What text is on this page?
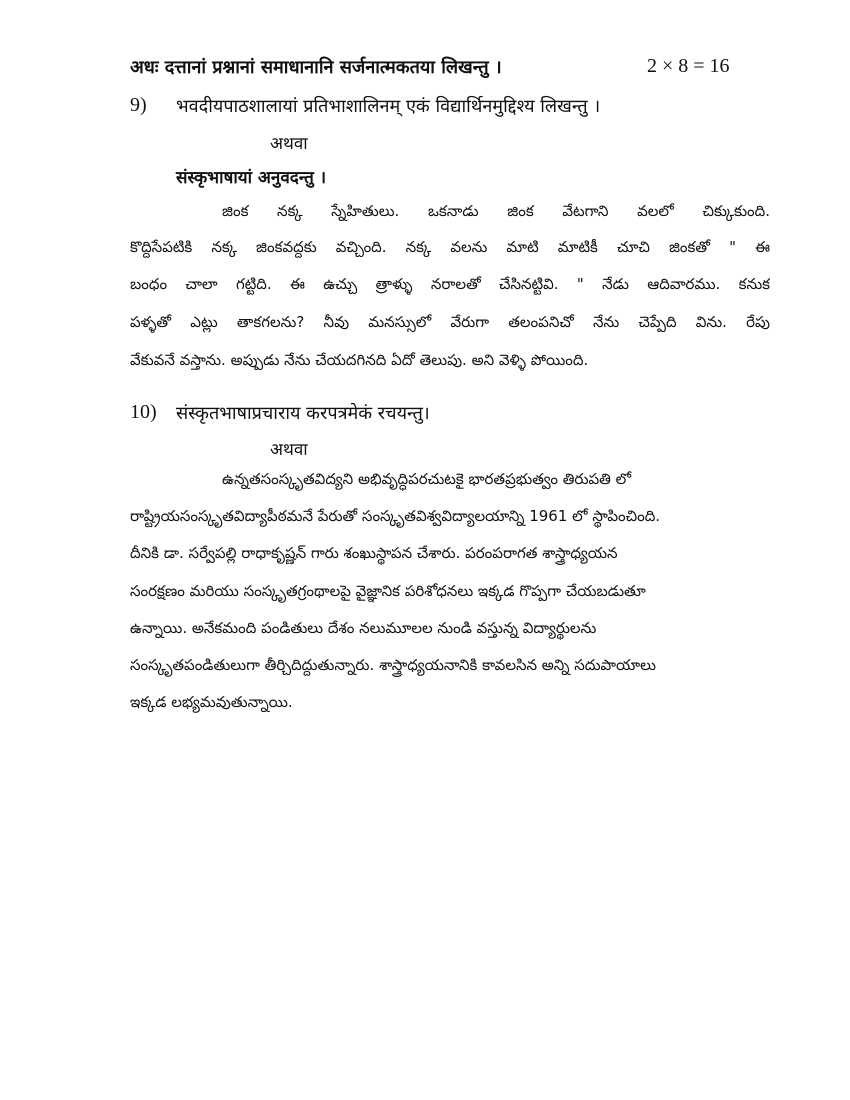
अधः दत्तानां प्रश्नानां समाधानानि सर्जनात्मकतया लिखन्तु ।	2 × 8 = 16
9) भवदीयपाठशालायां प्रतिभाशालिनम् एकं विद्यार्थिनमुद्दिश्य लिखन्तु ।
अथवा
संस्कृभाषायां अनुवदन्तु ।
జింక నక్క స్నేహితులు. ఒకనాడు జింక వేటగాని వలలో చిక్కుకుంది.
కొద్దిసేపటికి నక్క జింకవద్దకు వచ్చింది. నక్క వలను మాటి మాటికీ చూచి జింకతో " ఈ
బంధం చాలా గట్టిది. ఈ ఉచ్చు త్రాళ్ళు నరాలతో చేసినట్టివి. " నేడు ఆదివారము. కనుక
పళ్ళతో ఎట్లు తాకగలను? నీవు మనస్సులో వేరుగా తలంపనిచో నేను చెప్పేది విను. రేపు
వేకువనే వస్తాను. అప్పుడు నేను చేయదగినది ఏదో తెలుపు. అని వెళ్ళి పోయింది.
10) संस्कृतभाषाप्रचाराय करपत्रमेकं रचयन्तु।
अथवा
ఉన్నతసంస్కృతవిద్యని అభివృద్ధిపరచుటకై భారతప్రభుత్వం తిరుపతి లో
రాష్ట్రియసంస్కృతవిద్యాపీఠమనే పేరుతో సంస్కృతవిశ్వవిద్యాలయాన్ని 1961 లో స్థాపించింది.
దీనికి డా. సర్వేపల్లి రాధాకృష్ణన్ గారు శంఖుస్థాపన చేశారు. పరంపరాగత శాస్త్రాధ్యయన
సంరక్షణం మరియు సంస్కృతగ్రంథాలపై వైజ్ఞానిక పరిశోధనలు ఇక్కడ గొప్పగా చేయబడుతూ
ఉన్నాయి. అనేకమంది పండితులు దేశం నలుమూలల నుండి వస్తున్న విద్యార్థులను
సంస్కృతపండితులుగా తీర్చిదిద్దుతున్నారు. శాస్త్రాధ్యయనానికి కావలసిన అన్ని సదుపాయాలు
ఇక్కడ లభ్యమవుతున్నాయి.
